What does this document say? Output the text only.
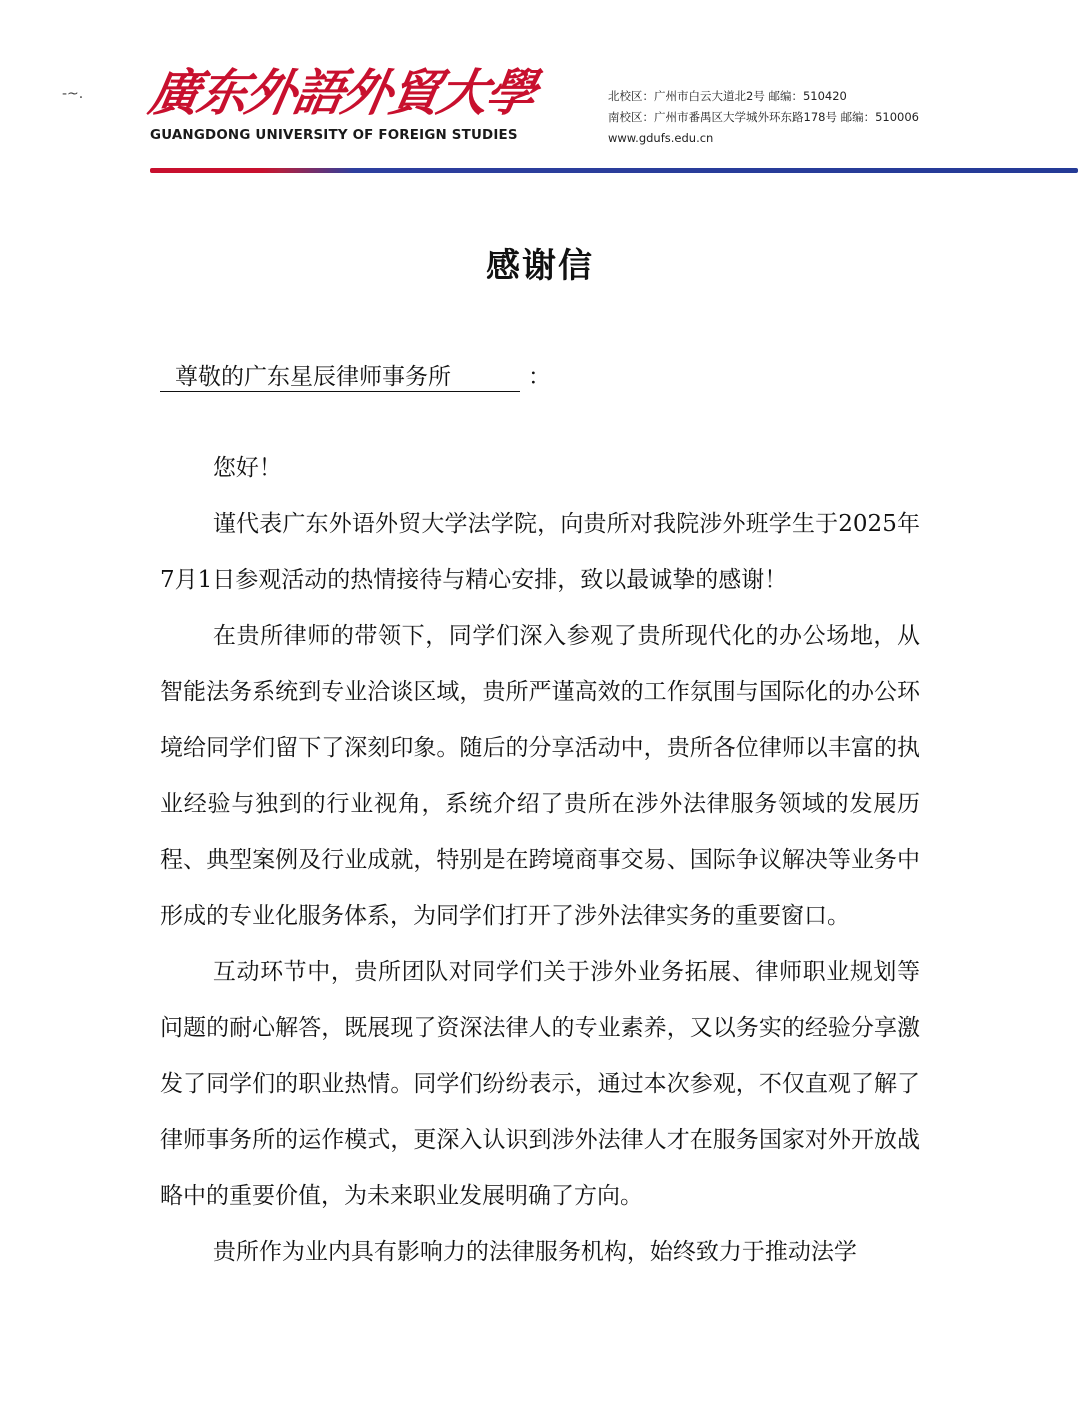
-~. 廣东外語外貿大學
GUANGDONG UNIVERSITY OF FOREIGN STUDIES
北校区：广州市白云大道北2号 邮编：510420
南校区：广州市番禺区大学城外环东路178号 邮编：510006
www.gdufs.edu.cn
感谢信
尊敬的广东星辰律师事务所	：

您好！

谨代表广东外语外贸大学法学院，向贵所对我院涉外班学生于2025年7月1日参观活动的热情接待与精心安排，致以最诚挚的感谢！

在贵所律师的带领下，同学们深入参观了贵所现代化的办公场地，从智能法务系统到专业洽谈区域，贵所严谨高效的工作氛围与国际化的办公环境给同学们留下了深刻印象。随后的分享活动中，贵所各位律师以丰富的执业经验与独到的行业视角，系统介绍了贵所在涉外法律服务领域的发展历程、典型案例及行业成就，特别是在跨境商事交易、国际争议解决等业务中形成的专业化服务体系，为同学们打开了涉外法律实务的重要窗口。

互动环节中，贵所团队对同学们关于涉外业务拓展、律师职业规划等问题的耐心解答，既展现了资深法律人的专业素养，又以务实的经验分享激发了同学们的职业热情。同学们纷纷表示，通过本次参观，不仅直观了解了律师事务所的运作模式，更深入认识到涉外法律人才在服务国家对外开放战略中的重要价值，为未来职业发展明确了方向。

贵所作为业内具有影响力的法律服务机构，始终致力于推动法学
